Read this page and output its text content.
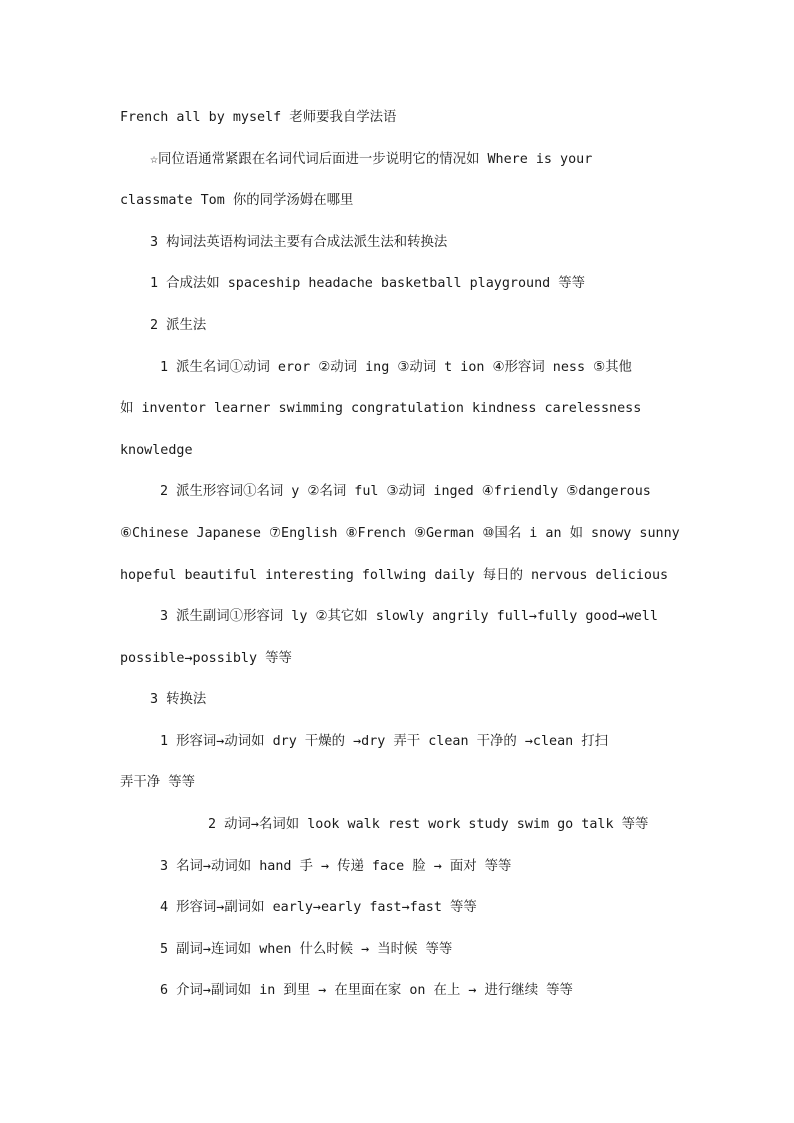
French all by myself 老师要我自学法语
☆同位语通常紧跟在名词代词后面进一步说明它的情况如 Where is your
classmate Tom 你的同学汤姆在哪里
3 构词法英语构词法主要有合成法派生法和转换法
1 合成法如 spaceship headache basketball playground 等等
2 派生法
1 派生名词①动词 eror ②动词 ing ③动词 t ion ④形容词 ness ⑤其他
如 inventor learner swimming congratulation kindness carelessness
knowledge
2 派生形容词①名词 y ②名词 ful ③动词 inged ④friendly ⑤dangerous
⑥Chinese Japanese ⑦English ⑧French ⑨German ⑩国名 i an 如 snowy sunny
hopeful beautiful interesting follwing daily 每日的 nervous delicious
3 派生副词①形容词 ly ②其它如 slowly angrily full→fully good→well
possible→possibly 等等
3 转换法
1 形容词→动词如 dry 干燥的 →dry 弄干 clean 干净的 →clean 打扫
弄干净 等等
2 动词→名词如 look walk rest work study swim go talk 等等
3 名词→动词如 hand 手 → 传递 face 脸 → 面对 等等
4 形容词→副词如 early→early fast→fast 等等
5 副词→连词如 when 什么时候 → 当时候 等等
6 介词→副词如 in 到里 → 在里面在家 on 在上 → 进行继续 等等
